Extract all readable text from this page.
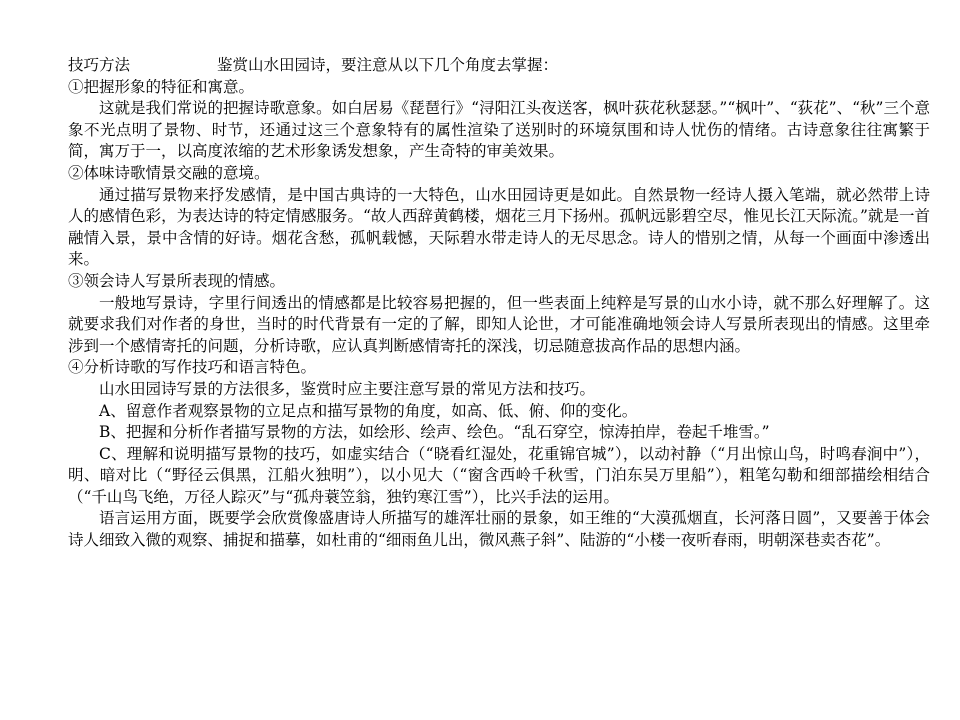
技巧方法	鉴赏山水田园诗，要注意从以下几个角度去掌握：

①把握形象的特征和寓意。

这就是我们常说的把握诗歌意象。如白居易《琵琶行》“浔阳江头夜送客，枫叶荻花秋瑟瑟。”“枫叶”、“荻花”、“秋”三个意象不光点明了景物、时节，还通过这三个意象特有的属性渲染了送别时的环境氛围和诗人忧伤的情绪。古诗意象往往寓繁于简，寓万于一，以高度浓缩的艺术形象诱发想象，产生奇特的审美效果。

②体味诗歌情景交融的意境。

通过描写景物来抒发感情，是中国古典诗的一大特色，山水田园诗更是如此。自然景物一经诗人摄入笔端，就必然带上诗人的感情色彩，为表达诗的特定情感服务。“故人西辞黄鹤楼，烟花三月下扬州。孤帆远影碧空尽，惟见长江天际流。”就是一首融情入景，景中含情的好诗。烟花含愁，孤帆载憾，天际碧水带走诗人的无尽思念。诗人的惜别之情，从每一个画面中渗透出来。

③领会诗人写景所表现的情感。

一般地写景诗，字里行间透出的情感都是比较容易把握的，但一些表面上纯粹是写景的山水小诗，就不那么好理解了。这就要求我们对作者的身世，当时的时代背景有一定的了解，即知人论世，才可能准确地领会诗人写景所表现出的情感。这里牵涉到一个感情寄托的问题，分析诗歌，应认真判断感情寄托的深浅，切忌随意拔高作品的思想内涵。

④分析诗歌的写作技巧和语言特色。

山水田园诗写景的方法很多，鉴赏时应主要注意写景的常见方法和技巧。

A、留意作者观察景物的立足点和描写景物的角度，如高、低、俯、仰的变化。

B、把握和分析作者描写景物的方法，如绘形、绘声、绘色。“乱石穿空，惊涛拍岸，卷起千堆雪。”

C、理解和说明描写景物的技巧，如虚实结合（“晓看红湿处，花重锦官城”），以动衬静（“月出惊山鸟，时鸣春涧中”），明、暗对比（“野径云俱黑，江船火独明”），以小见大（“窗含西岭千秋雪，门泊东吴万里船”），粗笔勾勒和细部描绘相结合（“千山鸟飞绝，万径人踪灭”与“孤舟蓑笠翁，独钓寒江雪”），比兴手法的运用。

语言运用方面，既要学会欣赏像盛唐诗人所描写的雄浑壮丽的景象，如王维的“大漠孤烟直，长河落日圆”，又要善于体会诗人细致入微的观察、捕捉和描摹，如杜甫的“细雨鱼儿出，微风燕子斜”、陆游的“小楼一夜听春雨，明朝深巷卖杏花”。
